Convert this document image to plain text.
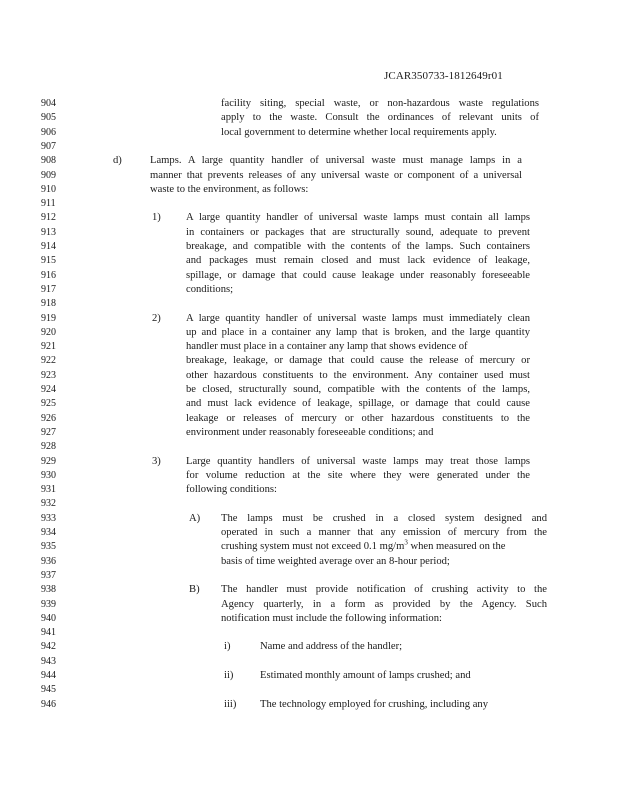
JCAR350733-1812649r01
904	facility siting, special waste, or non-hazardous waste regulations
905	apply to the waste. Consult the ordinances of relevant units of
906	local government to determine whether local requirements apply.
907
908	d)	Lamps. A large quantity handler of universal waste must manage lamps in a
909	manner that prevents releases of any universal waste or component of a universal
910	waste to the environment, as follows:
911
912	1) A large quantity handler of universal waste lamps must contain all lamps
913	in containers or packages that are structurally sound, adequate to prevent
914	breakage, and compatible with the contents of the lamps. Such containers
915	and packages must remain closed and must lack evidence of leakage,
916	spillage, or damage that could cause leakage under reasonably foreseeable
917	conditions;
918
919	2) A large quantity handler of universal waste lamps must immediately clean
920	up and place in a container any lamp that is broken, and the large quantity
921	handler must place in a container any lamp that shows evidence of
922	breakage, leakage, or damage that could cause the release of mercury or
923	other hazardous constituents to the environment. Any container used must
924	be closed, structurally sound, compatible with the contents of the lamps,
925	and must lack evidence of leakage, spillage, or damage that could cause
926	leakage or releases of mercury or other hazardous constituents to the
927	environment under reasonably foreseeable conditions; and
928
929	3) Large quantity handlers of universal waste lamps may treat those lamps
930	for volume reduction at the site where they were generated under the
931	following conditions:
932
933	A) The lamps must be crushed in a closed system designed and
934	operated in such a manner that any emission of mercury from the
935	crushing system must not exceed 0.1 $mg/m^3$ when measured on the
936	basis of time weighted average over an 8-hour period;
937
938	B) The handler must provide notification of crushing activity to the
939	Agency quarterly, in a form as provided by the Agency. Such
940	notification must include the following information:
941
942	i)	Name and address of the handler;
943
944	ii)	Estimated monthly amount of lamps crushed; and
945
946	iii) The technology employed for crushing, including any
